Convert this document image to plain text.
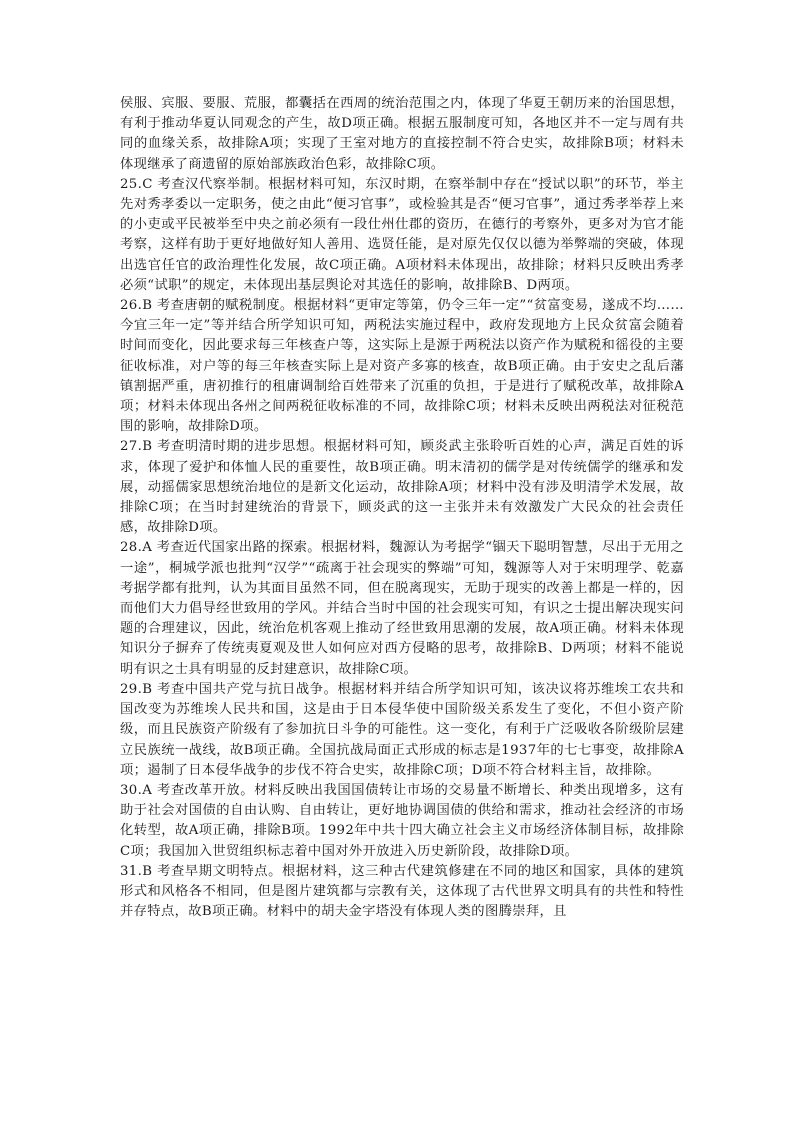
侯服、宾服、要服、荒服，都囊括在西周的统治范围之内，体现了华夏王朝历来的治国思想，有利于推动华夏认同观念的产生，故D项正确。根据五服制度可知，各地区并不一定与周有共同的血缘关系，故排除A项；实现了王室对地方的直接控制不符合史实，故排除B项；材料未体现继承了商遗留的原始部族政治色彩，故排除C项。

25.C 考查汉代察举制。根据材料可知，东汉时期，在察举制中存在“授试以职”的环节，举主先对秀孝委以一定职务，使之由此“便习官事”，或检验其是否“便习官事”，通过秀孝举荐上来的小吏或平民被举至中央之前必须有一段仕州仕郡的资历，在德行的考察外，更多对为官才能考察，这样有助于更好地做好知人善用、选贤任能，是对原先仅仅以德为举弊端的突破，体现出选官任官的政治理性化发展，故C项正确。A项材料未体现出，故排除；材料只反映出秀孝必须“试职”的规定，未体现出基层舆论对其选任的影响，故排除B、D两项。

26.B 考查唐朝的赋税制度。根据材料“更审定等第，仍令三年一定”“贫富变易，遂成不均……今宜三年一定”等并结合所学知识可知，两税法实施过程中，政府发现地方上民众贫富会随着时间而变化，因此要求每三年核查户等，这实际上是源于两税法以资产作为赋税和徭役的主要征收标准，对户等的每三年核查实际上是对资产多寡的核查，故B项正确。由于安史之乱后藩镇割据严重，唐初推行的租庸调制给百姓带来了沉重的负担，于是进行了赋税改革，故排除A项；材料未体现出各州之间两税征收标准的不同，故排除C项；材料未反映出两税法对征税范围的影响，故排除D项。

27.B 考查明清时期的进步思想。根据材料可知，顾炎武主张聆听百姓的心声，满足百姓的诉求，体现了爱护和体恤人民的重要性，故B项正确。明末清初的儒学是对传统儒学的继承和发展，动摇儒家思想统治地位的是新文化运动，故排除A项；材料中没有涉及明清学术发展，故排除C项；在当时封建统治的背景下，顾炎武的这一主张并未有效激发广大民众的社会责任感，故排除D项。

28.A 考查近代国家出路的探索。根据材料，魏源认为考据学“锢天下聪明智慧，尽出于无用之一途”，桐城学派也批判“汉学”“疏离于社会现实的弊端”可知，魏源等人对于宋明理学、乾嘉考据学都有批判，认为其面目虽然不同，但在脱离现实，无助于现实的改善上都是一样的，因而他们大力倡导经世致用的学风。并结合当时中国的社会现实可知，有识之士提出解决现实问题的合理建议，因此，统治危机客观上推动了经世致用思潮的发展，故A项正确。材料未体现知识分子摒弃了传统夷夏观及世人如何应对西方侵略的思考，故排除B、D两项；材料不能说明有识之士具有明显的反封建意识，故排除C项。

29.B 考查中国共产党与抗日战争。根据材料并结合所学知识可知，该决议将苏维埃工农共和国改变为苏维埃人民共和国，这是由于日本侵华使中国阶级关系发生了变化，不但小资产阶级，而且民族资产阶级有了参加抗日斗争的可能性。这一变化，有利于广泛吸收各阶级阶层建立民族统一战线，故B项正确。全国抗战局面正式形成的标志是1937年的七七事变，故排除A项；遏制了日本侵华战争的步伐不符合史实，故排除C项；D项不符合材料主旨，故排除。

30.A 考查改革开放。材料反映出我国国债转让市场的交易量不断增长、种类出现增多，这有助于社会对国债的自由认购、自由转让，更好地协调国债的供给和需求，推动社会经济的市场化转型，故A项正确，排除B项。1992年中共十四大确立社会主义市场经济体制目标，故排除C项；我国加入世贸组织标志着中国对外开放进入历史新阶段，故排除D项。

31.B 考查早期文明特点。根据材料，这三种古代建筑修建在不同的地区和国家，具体的建筑形式和风格各不相同，但是图片建筑都与宗教有关，这体现了古代世界文明具有的共性和特性并存特点，故B项正确。材料中的胡夫金字塔没有体现人类的图腾崇拜，且
